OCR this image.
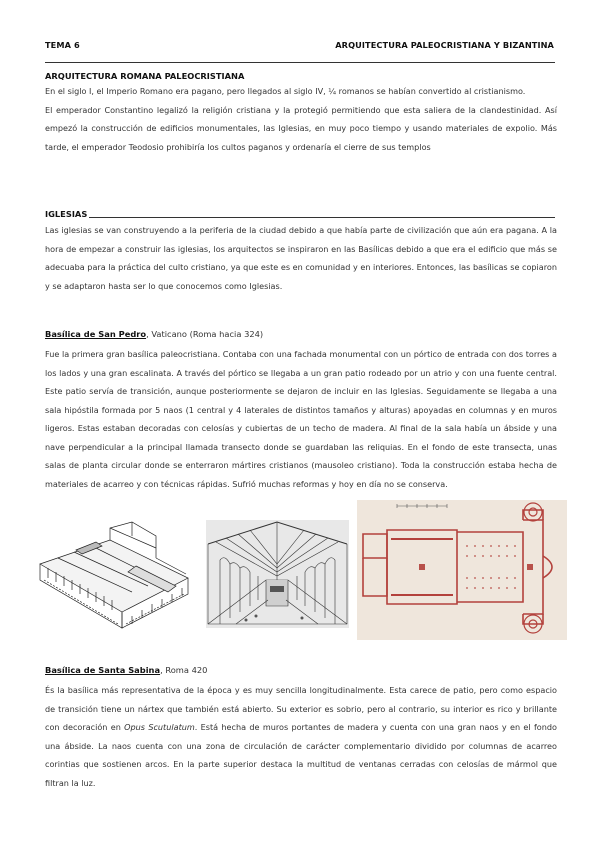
TEMA 6	ARQUITECTURA PALEOCRISTIANA Y BIZANTINA
ARQUITECTURA ROMANA PALEOCRISTIANA

En el siglo I, el Imperio Romano era pagano, pero llegados al siglo IV, ¼ romanos se habían convertido al cristianismo.

El emperador Constantino legalizó la religión cristiana y la protegió permitiendo que esta saliera de la clandestinidad. Así empezó la construcción de edificios monumentales, las Iglesias, en muy poco tiempo y usando materiales de expolio. Más tarde, el emperador Teodosio prohibiría los cultos paganos y ordenaría el cierre de sus templos

IGLESIAS

Las iglesias se van construyendo a la periferia de la ciudad debido a que había parte de civilización que aún era pagana. A la hora de empezar a construir las iglesias, los arquitectos se inspiraron en las Basílicas debido a que era el edificio que más se adecuaba para la práctica del culto cristiano, ya que este es en comunidad y en interiores. Entonces, las basílicas se copiaron y se adaptaron hasta ser lo que conocemos como Iglesias.

Basílica de San Pedro, Vaticano (Roma hacia 324)

Fue la primera gran basílica paleocristiana. Contaba con una fachada monumental con un pórtico de entrada con dos torres a los lados y una gran escalinata. A través del pórtico se llegaba a un gran patio rodeado por un atrio y con una fuente central. Este patio servía de transición, aunque posteriormente se dejaron de incluir en las Iglesias. Seguidamente se llegaba a una sala hipóstila formada por 5 naos (1 central y 4 laterales de distintos tamaños y alturas) apoyadas en columnas y en muros ligeros. Estas estaban decoradas con celosías y cubiertas de un techo de madera. Al final de la sala había un ábside y una nave perpendicular a la principal llamada transecto donde se guardaban las reliquias. En el fondo de este transecta, unas salas de planta circular donde se enterraron mártires cristianos (mausoleo cristiano). Toda la construcción estaba hecha de materiales de acarreo y con técnicas rápidas. Sufrió muchas reformas y hoy en día no se conserva.

Basílica de Santa Sabina, Roma 420

És la basílica más representativa de la época y es muy sencilla longitudinalmente. Esta carece de patio, pero como espacio de transición tiene un nártex que también está abierto. Su exterior es sobrio, pero al contrario, su interior es rico y brillante con decoración en Opus Scutulatum. Está hecha de muros portantes de madera y cuenta con una gran naos y en el fondo una ábside. La naos cuenta con una zona de circulación de carácter complementario dividido por columnas de acarreo corintias que sostienen arcos. En la parte superior destaca la multitud de ventanas cerradas con celosías de mármol que filtran la luz.
